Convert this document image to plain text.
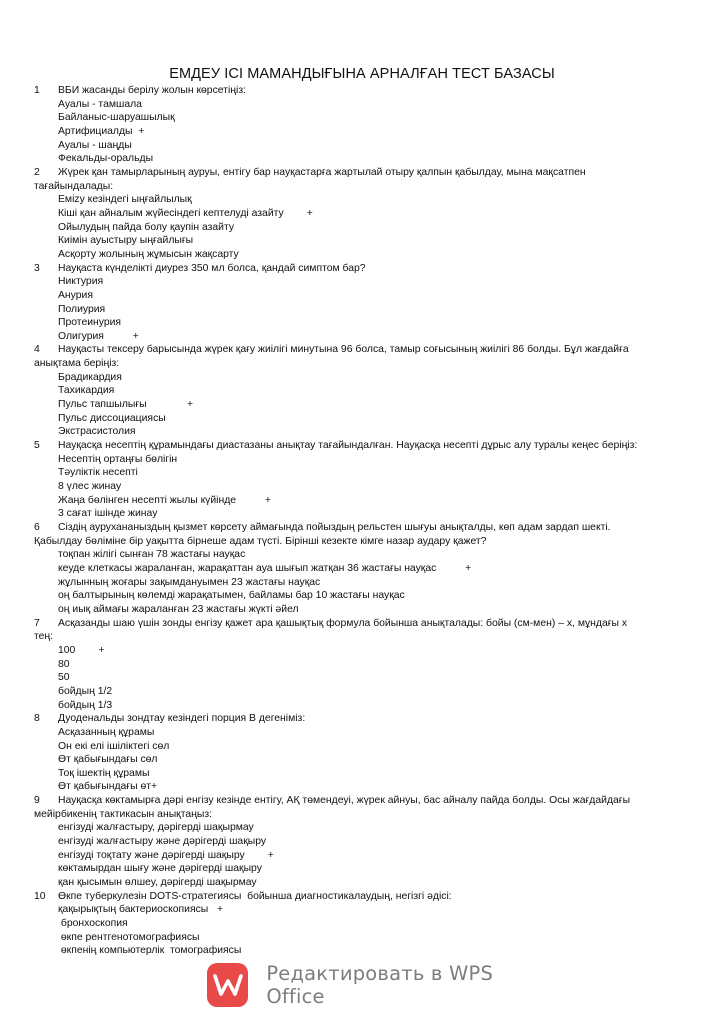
ЕМДЕУ ІСІ МАМАНДЫҒЫНА АРНАЛҒАН ТЕСТ БАЗАСЫ
1 ВБИ жасанды берілу жолын көрсетіңіз:
Ауалы - тамшала
Байланыс-шаруашылық
Артифициалды  +
Ауалы - шаңды
Фекальды-оральды
2 Жүрек қан тамырларының ауруы, ентігу бар науқастарға жартылай отыру қалпын қабылдау, мына мақсатпен
тағайындалады:
Еміzу кезіндегі ыңғайлылық
Кіші қан айналым жүйесіндегі кептелуді азайту        +
Ойылудың пайда болу қаупін азайту
Киімін ауыстыру ыңғайлығы
Асқорту жолының жұмысын жақсарту
3 Науқаста күнделікті диурез 350 мл болса, қандай симптом бар?
Никтурия
Анурия
Полиурия
Протеинурия
Олигурия          +
4 Науқасты тексеру барысында жүрек қағу жиілігі минутына 96 болса, тамыр соғысының жиілігі 86 болды. Бұл жағдайға
анықтама беріңіз:
Брадикардия
Тахикардия
Пульс тапшылығы              +
Пульс диссоциациясы
Экстрасистолия
5 Науқасқа несептің құрамындағы диастазаны анықтау тағайындалған. Науқасқа несепті дұрыс алу туралы кеңес беріңіз:
Несептің ортаңғы бөлігін
Тәуліктік несепті
8 үлес жинау
Жаңа бөлінген несепті жылы күйінде          +
3 сағат ішінде жинау
6 Сіздің аурухананыздың қызмет көрсету аймағында пойыздың рельстен шығуы анықталды, көп адам зардап шекті.
Қабылдау бөліміне бір уақытта бірнеше адам түсті. Бірінші кезекте кімге назар аудару қажет?
тоқпан жілігі сынған 78 жастағы науқас
кеуде клеткасы жараланған, жарақаттан ауа шығып жатқан 36 жастағы науқас          +
жұлынның жоғары зақымдануымен 23 жастағы науқас
оң балтырының көлемді жарақатымен, байламы бар 10 жастағы науқас
оң иық аймағы жараланған 23 жастағы жүкті әйел
7 Асқазанды шаю үшін зонды енгізу қажет ара қашықтық формула бойынша анықталады: бойы (см-мен) – х, мұндағы х
тең:
100        +
80
50
бойдың 1/2
бойдың 1/3
8 Дуоденальды зондтау кезіндегі порция В дегеніміз:
Асқазанның құрамы
Он екі елі ішіліктегі сөл
Өт қабығындағы сөл
Тоқ ішектің құрамы
Өт қабығындағы өт+
9 Науқасқа көктамырға дәрі енгізу кезінде ентігу, АҚ төмендеуі, жүрек айнуы, бас айналу пайда болды. Осы жағдайдағы
мейірбикенің тактикасын анықтаңыз:
енгізуді жалғастыру, дәрігерді шақырмау
енгізуді жалғастыру және дәрігерді шақыру
енгізуді тоқтату және дәрігерді шақыру        +
көктамырдан шығу және дәрігерді шақыру
қан қысымын өлшеу, дәрігерді шақырмау
10 Өкпе туберкулезін DOTS-стратегиясы  бойынша диагностикалаудың, негізгі әдісі:
қақырықтың бактериоскопиясы   +
бронхоскопия
өкпе рентгенотомографиясы
өкпенің компьютерлік  томографиясы
Редактировать в WPS Office
